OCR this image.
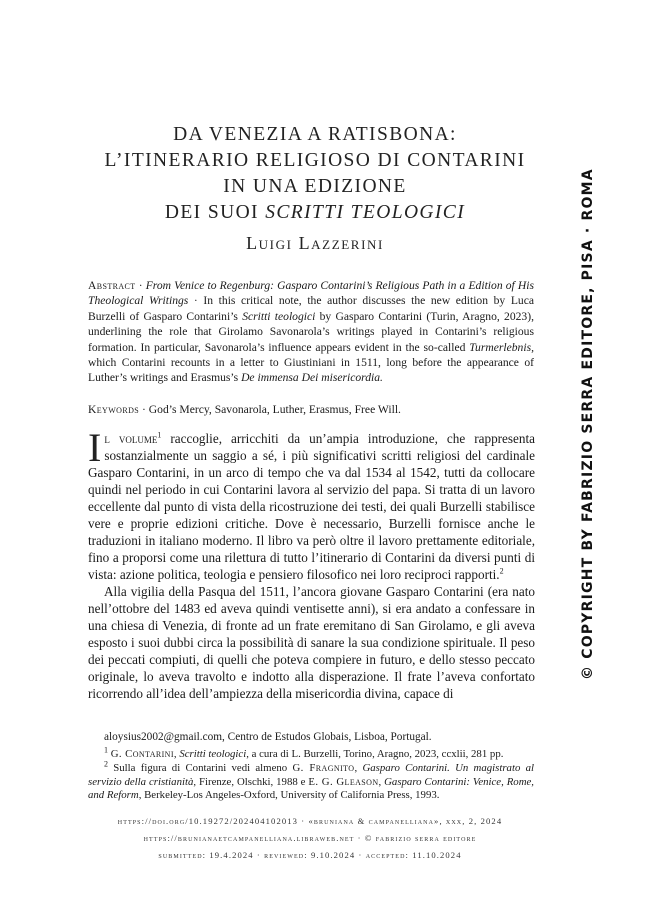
DA VENEZIA A RATISBONA:
L’ITINERARIO RELIGIOSO DI CONTARINI
IN UNA EDIZIONE
DEI SUOI SCRITTI TEOLOGICI
Luigi Lazzerini
Abstract · From Venice to Regenburg: Gasparo Contarini’s Religious Path in a Edition of His Theological Writings · In this critical note, the author discusses the new edition by Luca Burzelli of Gasparo Contarini’s Scritti teologici by Gasparo Contarini (Turin, Aragno, 2023), underlining the role that Girolamo Savonarola’s writings played in Contarini’s religious formation. In particular, Savonarola’s influence appears evident in the so-called Turmerlebnis, which Contarini recounts in a letter to Giustiniani in 1511, long before the appearance of Luther’s writings and Erasmus’s De immensa Dei misericordia.
Keywords · God’s Mercy, Savonarola, Luther, Erasmus, Free Will.

Il volume$^1$ raccoglie, arricchiti da un’ampia introduzione, che rappresenta sostanzialmente un saggio a sé, i più significativi scritti religiosi del cardinale Gasparo Contarini, in un arco di tempo che va dal 1534 al 1542, tutti da collocare quindi nel periodo in cui Contarini lavora al servizio del papa. Si tratta di un lavoro eccellente dal punto di vista della ricostruzione dei testi, dei quali Burzelli stabilisce vere e proprie edizioni critiche. Dove è necessario, Burzelli fornisce anche le traduzioni in italiano moderno. Il libro va però oltre il lavoro prettamente editoriale, fino a proporsi come una rilettura di tutto l’itinerario di Contarini da diversi punti di vista: azione politica, teologia e pensiero filosofico nei loro reciproci rapporti.$^2$

Alla vigilia della Pasqua del 1511, l’ancora giovane Gasparo Contarini (era nato nell’ottobre del 1483 ed aveva quindi ventisette anni), si era andato a confessare in una chiesa di Venezia, di fronte ad un frate eremitano di San Girolamo, e gli aveva esposto i suoi dubbi circa la possibilità di sanare la sua condizione spirituale. Il peso dei peccati compiuti, di quelli che poteva compiere in futuro, e dello stesso peccato originale, lo aveva travolto e indotto alla disperazione. Il frate l’aveva confortato ricorrendo all’idea dell’ampiezza della misericordia divina, capace di

aloysius2002@gmail.com, Centro de Estudos Globais, Lisboa, Portugal.

$^1$ G. Contarini, Scritti teologici, a cura di L. Burzelli, Torino, Aragno, 2023, ccxlii, 281 pp.

$^2$ Sulla figura di Contarini vedi almeno G. Fragnito, Gasparo Contarini. Un magistrato al servizio della cristianità, Firenze, Olschki, 1988 e E. G. Gleason, Gasparo Contarini: Venice, Rome, and Reform, Berkeley-Los Angeles-Oxford, University of California Press, 1993.

https://doi.org/10.19272/202404102013 · «bruniana & campanelliana», xxx, 2, 2024
https://brunianaetcampanelliana.libraweb.net · © fabrizio serra editore
submitted: 19.4.2024 · reviewed: 9.10.2024 · accepted: 11.10.2024
© COPYRIGHT BY FABRIZIO SERRA EDITORE, PISA · ROMA
